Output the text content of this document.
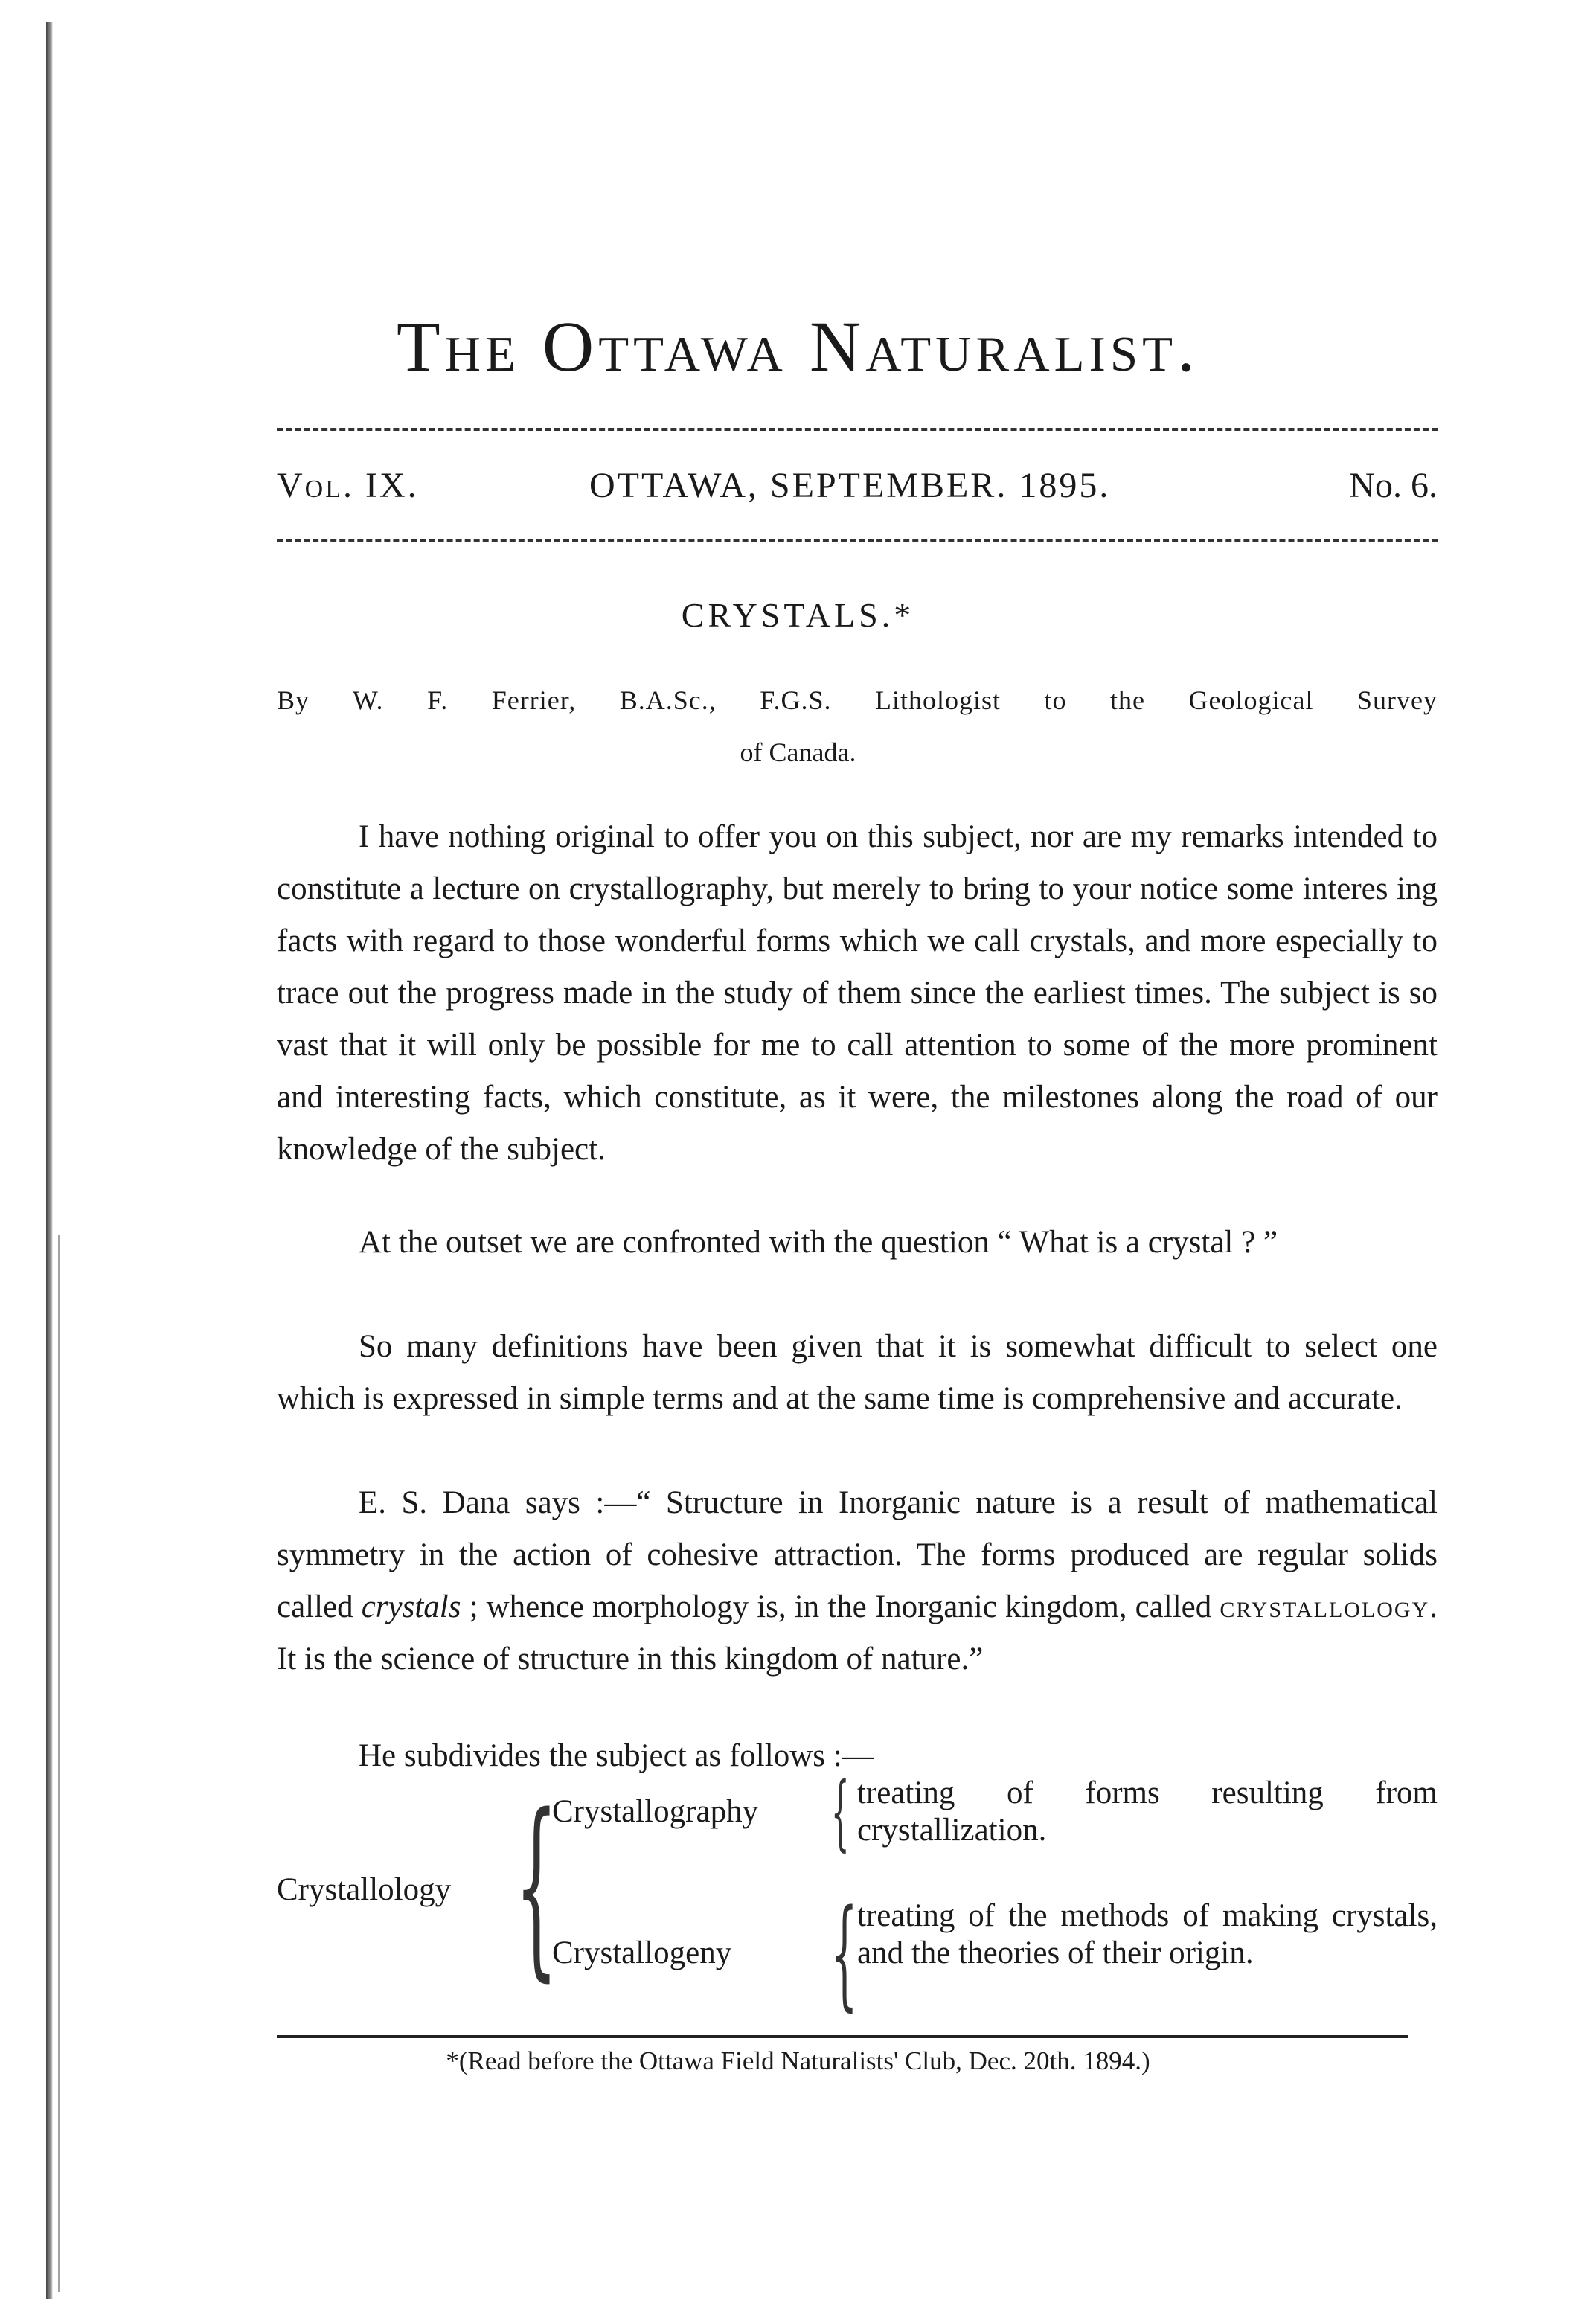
The Ottawa Naturalist.
Vol. IX.	OTTAWA, SEPTEMBER. 1895.	No. 6.
CRYSTALS.*
By W. F. Ferrier, B.A.Sc., F.G.S. Lithologist to the Geological Survey
of Canada.

I have nothing original to offer you on this subject, nor are my remarks intended to constitute a lecture on crystallography, but merely to bring to your notice some interes ing facts with regard to those wonderful forms which we call crystals, and more especially to trace out the progress made in the study of them since the earliest times. The subject is so vast that it will only be possible for me to call attention to some of the more prominent and interesting facts, which constitute, as it were, the milestones along the road of our knowledge of the subject.

At the outset we are confronted with the question “ What is a crystal ? ”

So many definitions have been given that it is somewhat difficult to select one which is expressed in simple terms and at the same time is comprehensive and accurate.

E. S. Dana says :—“ Structure in Inorganic nature is a result of mathematical symmetry in the action of cohesive attraction. The forms produced are regular solids called crystals ; whence morphology is, in the Inorganic kingdom, called crystallology. It is the science of structure in this kingdom of nature.”

He subdivides the subject as follows :—

Crystallology {
Crystallography { treating of forms resulting from crystallization.
Crystallogeny { treating of the methods of making crystals, and the theories of their origin.
*(Read before the Ottawa Field Naturalists' Club, Dec. 20th. 1894.)
